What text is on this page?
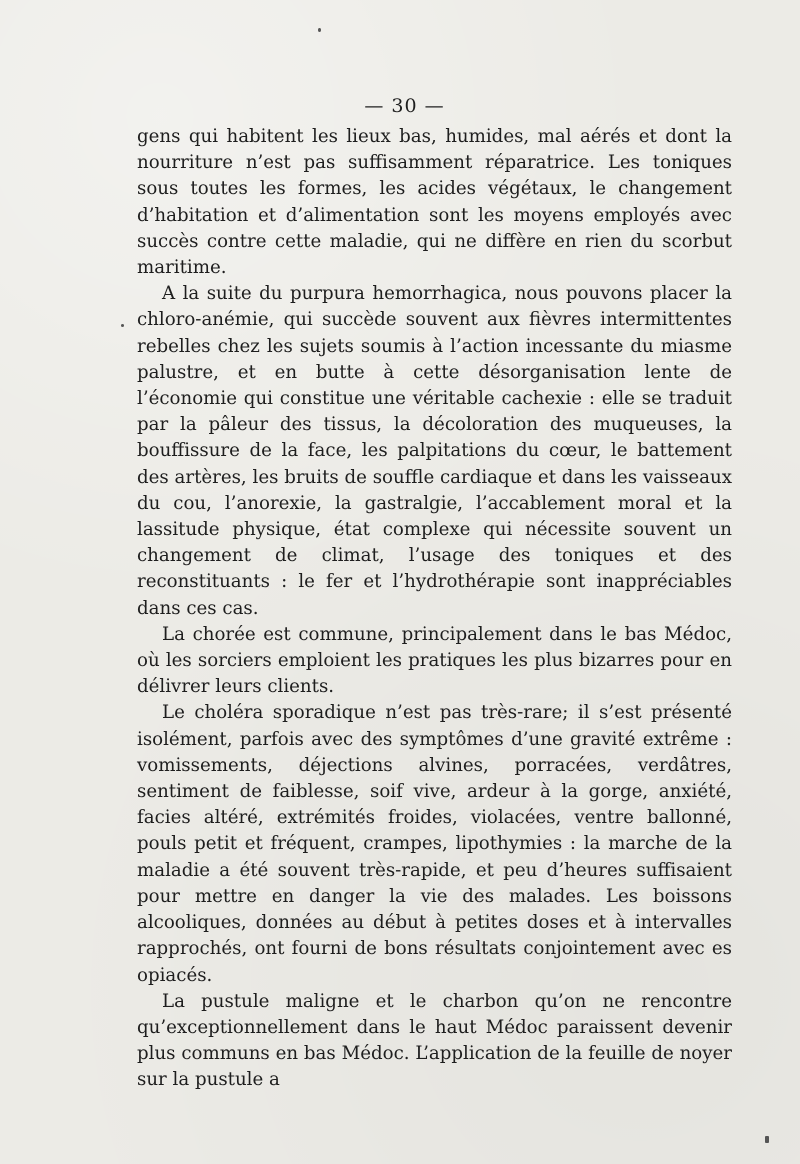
— 30 —

gens qui habitent les lieux bas, humides, mal aérés et dont la nourriture n’est pas suffisamment réparatrice. Les toniques sous toutes les formes, les acides végétaux, le changement d’habitation et d’alimentation sont les moyens employés avec succès contre cette maladie, qui ne diffère en rien du scorbut maritime.

A la suite du purpura hemorrhagica, nous pouvons placer la chloro-anémie, qui succède souvent aux fièvres intermittentes rebelles chez les sujets soumis à l’action incessante du miasme palustre, et en butte à cette désorganisation lente de l’économie qui constitue une véritable cachexie : elle se traduit par la pâleur des tissus, la décoloration des muqueuses, la bouffissure de la face, les palpitations du cœur, le battement des artères, les bruits de souffle cardiaque et dans les vaisseaux du cou, l’anorexie, la gastralgie, l’accablement moral et la lassitude physique, état complexe qui nécessite souvent un changement de climat, l’usage des toniques et des reconstituants : le fer et l’hydrothérapie sont inappréciables dans ces cas.

La chorée est commune, principalement dans le bas Médoc, où les sorciers emploient les pratiques les plus bizarres pour en délivrer leurs clients.

Le choléra sporadique n’est pas très-rare; il s’est présenté isolément, parfois avec des symptômes d’une gravité extrême : vomissements, déjections alvines, porracées, verdâtres, sentiment de faiblesse, soif vive, ardeur à la gorge, anxiété, facies altéré, extrémités froides, violacées, ventre ballonné, pouls petit et fréquent, crampes, lipothymies : la marche de la maladie a été souvent très-rapide, et peu d’heures suffisaient pour mettre en danger la vie des malades. Les boissons alcooliques, données au début à petites doses et à intervalles rapprochés, ont fourni de bons résultats conjointement avec es opiacés.

La pustule maligne et le charbon qu’on ne rencontre qu’exceptionnellement dans le haut Médoc paraissent devenir plus communs en bas Médoc. L’application de la feuille de noyer sur la pustule a
